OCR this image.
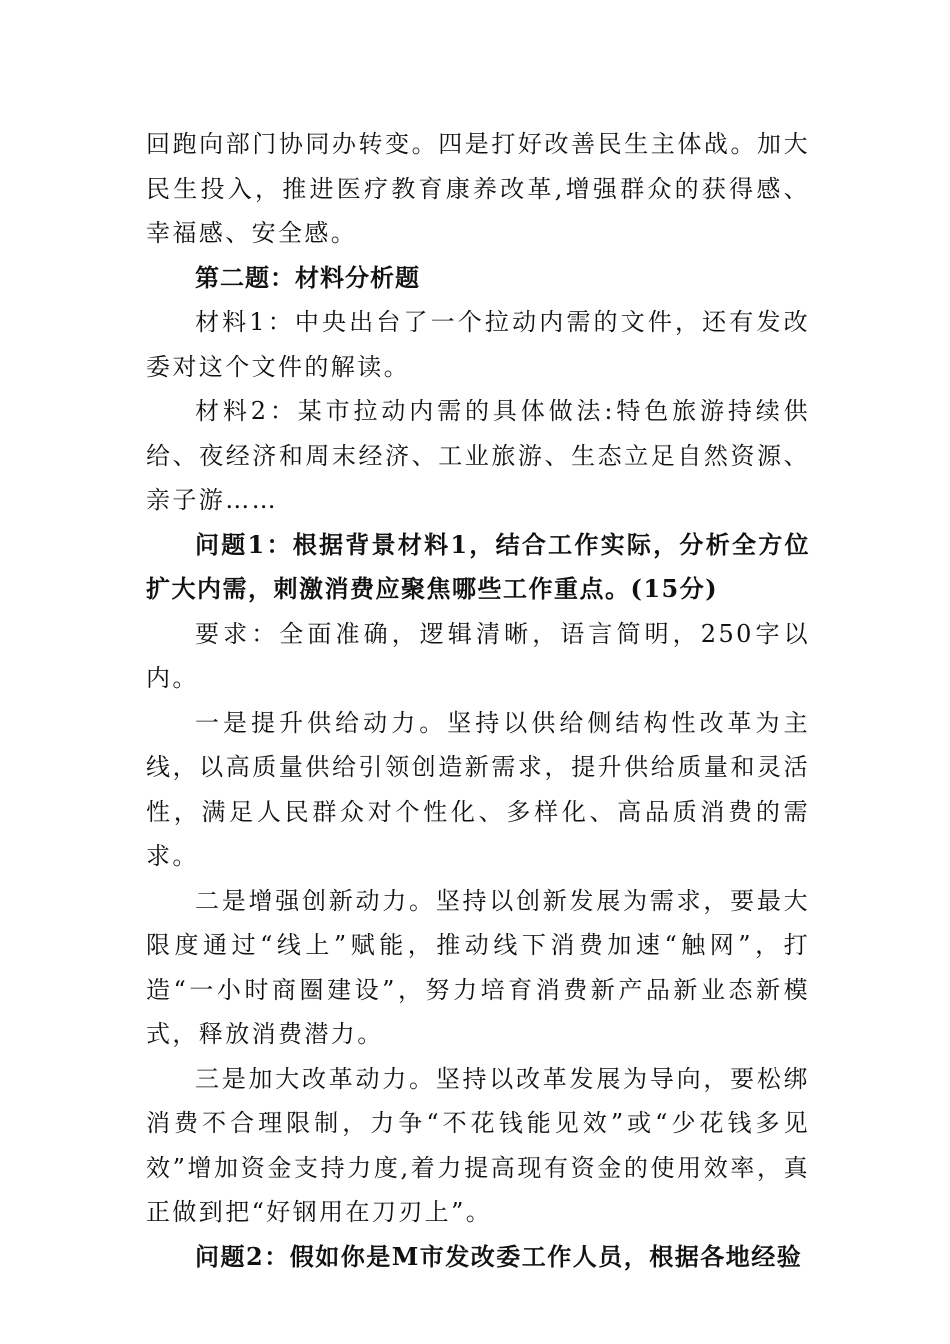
回跑向部门协同办转变。四是打好改善民生主体战。加大民生投入，推进医疗教育康养改革,增强群众的获得感、幸福感、安全感。

第二题：材料分析题

材料1：中央出台了一个拉动内需的文件，还有发改委对这个文件的解读。

材料2：某市拉动内需的具体做法:特色旅游持续供给、夜经济和周末经济、工业旅游、生态立足自然资源、亲子游……

问题1：根据背景材料1，结合工作实际，分析全方位扩大内需，刺激消费应聚焦哪些工作重点。(15分)

要求：全面准确，逻辑清晰，语言简明，250字以内。

一是提升供给动力。坚持以供给侧结构性改革为主线，以高质量供给引领创造新需求，提升供给质量和灵活性，满足人民群众对个性化、多样化、高品质消费的需求。

二是增强创新动力。坚持以创新发展为需求，要最大限度通过“线上”赋能，推动线下消费加速“触网”，打造“一小时商圈建设”，努力培育消费新产品新业态新模式，释放消费潜力。

三是加大改革动力。坚持以改革发展为导向，要松绑消费不合理限制，力争“不花钱能见效”或“少花钱多见效”增加资金支持力度,着力提高现有资金的使用效率，真正做到把“好钢用在刀刃上”。

问题2：假如你是M市发改委工作人员，根据各地经验
